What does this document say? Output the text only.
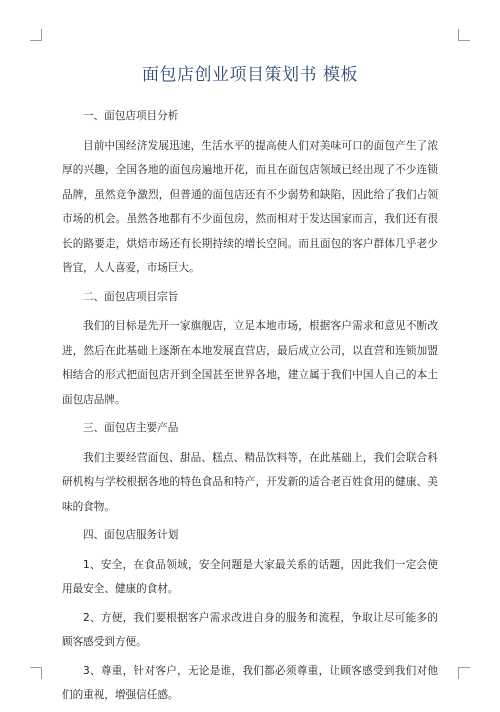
面包店创业项目策划书 模板

一、面包店项目分析

目前中国经济发展迅速，生活水平的提高使人们对美味可口的面包产生了浓厚的兴趣，全国各地的面包房遍地开花，而且在面包店领域已经出现了不少连锁品牌，虽然竞争激烈，但普通的面包店还有不少弱势和缺陷，因此给了我们占领市场的机会。虽然各地都有不少面包房，然而相对于发达国家而言，我们还有很长的路要走，烘焙市场还有长期持续的增长空间。而且面包的客户群体几乎老少皆宜，人人喜爱，市场巨大。

二、面包店项目宗旨

我们的目标是先开一家旗舰店，立足本地市场，根据客户需求和意见不断改进，然后在此基础上逐渐在本地发展直营店，最后成立公司，以直营和连锁加盟相结合的形式把面包店开到全国甚至世界各地，建立属于我们中国人自己的本土面包店品牌。

三、面包店主要产品

我们主要经营面包、甜品、糕点、精品饮料等，在此基础上，我们会联合科研机构与学校根据各地的特色食品和特产，开发新的适合老百姓食用的健康、美味的食物。

四、面包店服务计划

1、安全，在食品领域，安全问题是大家最关系的话题，因此我们一定会使用最安全、健康的食材。

2、方便，我们要根据客户需求改进自身的服务和流程，争取让尽可能多的顾客感受到方便。

3、尊重，针对客户，无论是谁，我们都必须尊重，让顾客感受到我们对他们的重视，增强信任感。
